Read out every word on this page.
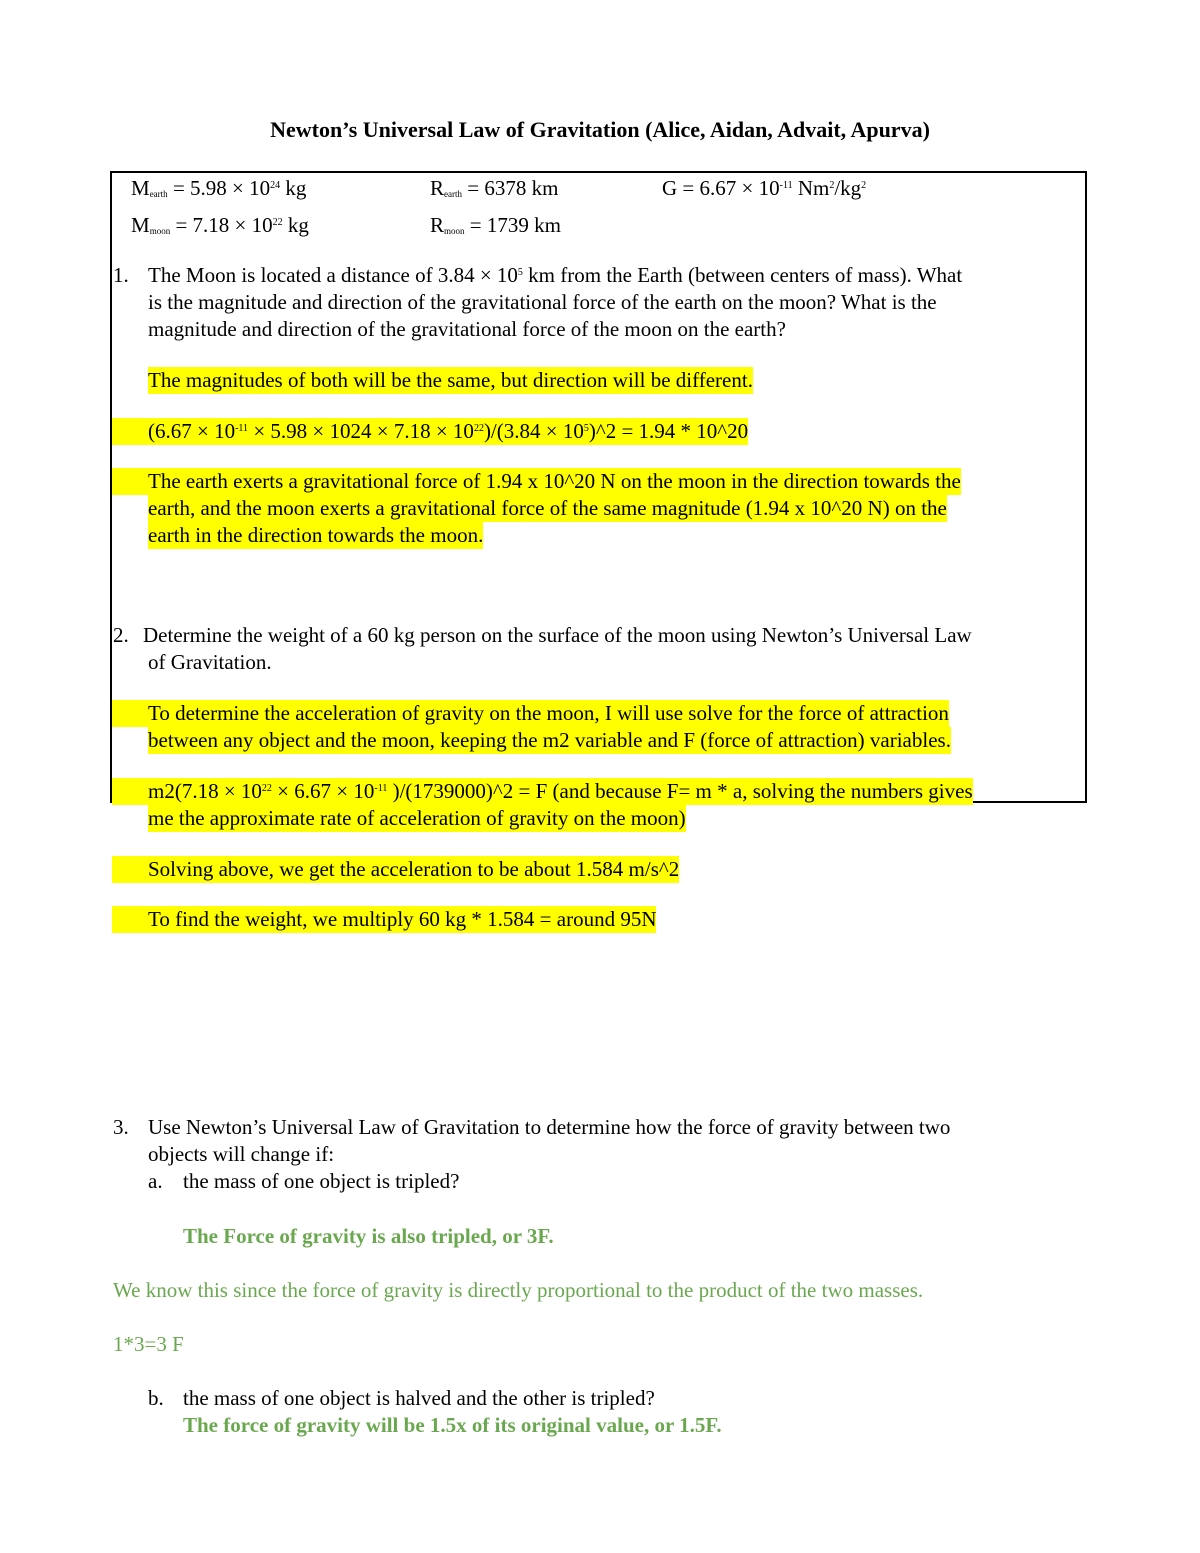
Newton’s Universal Law of Gravitation (Alice, Aidan, Advait, Apurva)
$M_{earth} = 5.98 \times 10^{24}$ kg	$R_{earth} = 6378$ km	$G = 6.67 \times 10^{-11}$ $Nm^2/kg^2$
$M_{moon} = 7.18 \times 10^{22}$ kg	$R_{moon} = 1739$ km
1. The Moon is located a distance of $3.84 \times 10^5$ km from the Earth (between centers of mass). What
is the magnitude and direction of the gravitational force of the earth on the moon? What is the
magnitude and direction of the gravitational force of the moon on the earth?
The magnitudes of both will be the same, but direction will be different.
$(6.67 \times 10^{-11} \times 5.98 \times 1024 \times 7.18 \times 10^{22})/(3.84$ × $10^5)\^{}2 = 1.94$ * 10^20
The earth exerts a gravitational force of 1.94 x 10^20 N on the moon in the direction towards the
earth, and the moon exerts a gravitational force of the same magnitude (1.94 x 10^20 N) on the
earth in the direction towards the moon.
2. Determine the weight of a 60 kg person on the surface of the moon using Newton’s Universal Law
of Gravitation.
To determine the acceleration of gravity on the moon, I will use solve for the force of attraction
between any object and the moon, keeping the m2 variable and F (force of attraction) variables.
$m2(7.18 \times 10^{22} \times 6.67 \times 10^{-11}$ )/(1739000)^2 = F (and because F= m * a, solving the numbers gives
me the approximate rate of acceleration of gravity on the moon)
Solving above, we get the acceleration to be about 1.584 m/s^2
To find the weight, we multiply 60 kg * 1.584 = around 95N
3. Use Newton’s Universal Law of Gravitation to determine how the force of gravity between two
objects will change if:
a. the mass of one object is tripled?
The Force of gravity is also tripled, or 3F.
We know this since the force of gravity is directly proportional to the product of the two masses.
1*3=3 F
b. the mass of one object is halved and the other is tripled?
The force of gravity will be 1.5x of its original value, or 1.5F.
